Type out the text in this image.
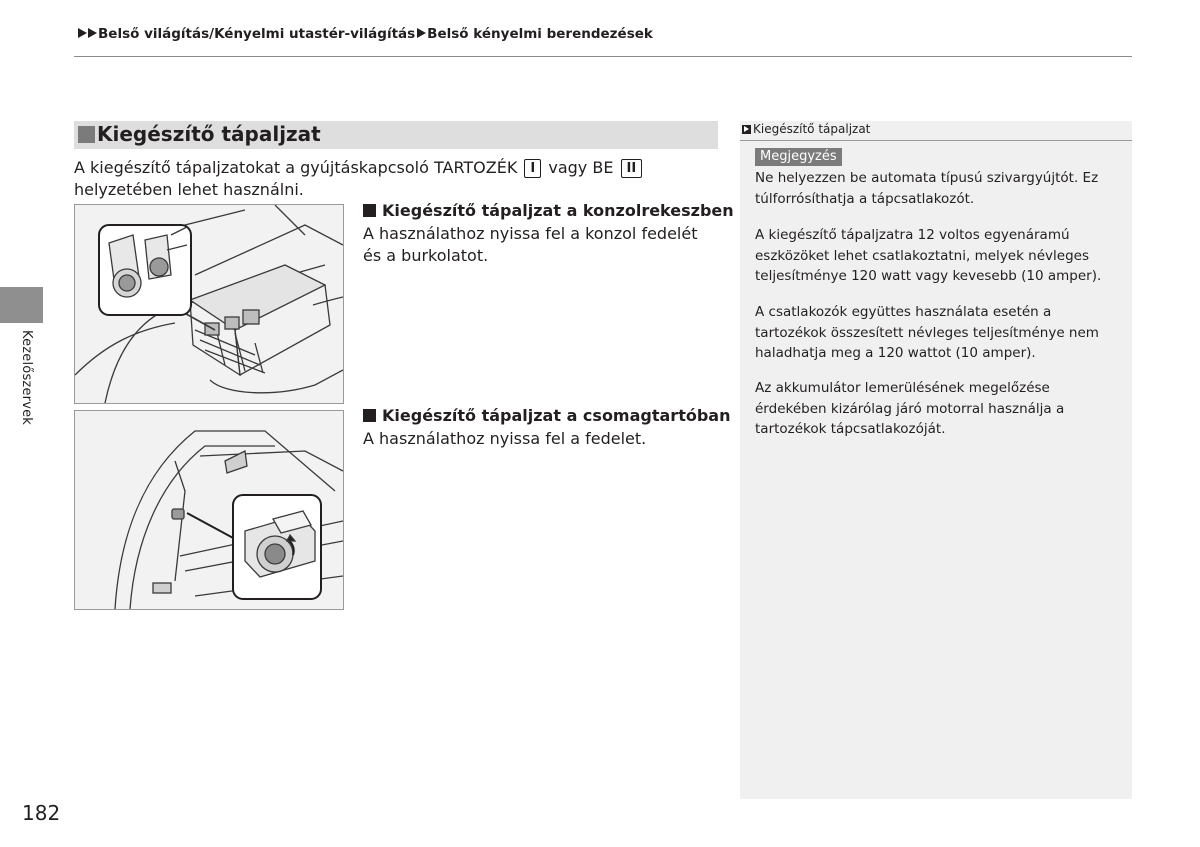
Belső világítás/Kényelmi utastér-világítás Belső kényelmi berendezések
Kezelőszervek
Kiegészítő tápaljzat
A kiegészítő tápaljzatokat a gyújtáskapcsoló TARTOZÉK I vagy BE II helyzetében lehet használni.
Kiegészítő tápaljzat a konzolrekeszben
A használathoz nyissa fel a konzol fedelét és a burkolatot.
Kiegészítő tápaljzat a csomagtartóban
A használathoz nyissa fel a fedelet.
Kiegészítő tápaljzat
Megjegyzés
Ne helyezzen be automata típusú szivargyújtót. Ez túlforrósíthatja a tápcsatlakozót.
A kiegészítő tápaljzatra 12 voltos egyenáramú eszközöket lehet csatlakoztatni, melyek névleges teljesítménye 120 watt vagy kevesebb (10 amper).
A csatlakozók együttes használata esetén a tartozékok összesített névleges teljesítménye nem haladhatja meg a 120 wattot (10 amper).
Az akkumulátor lemerülésének megelőzése érdekében kizárólag járó motorral használja a tartozékok tápcsatlakozóját.
182
